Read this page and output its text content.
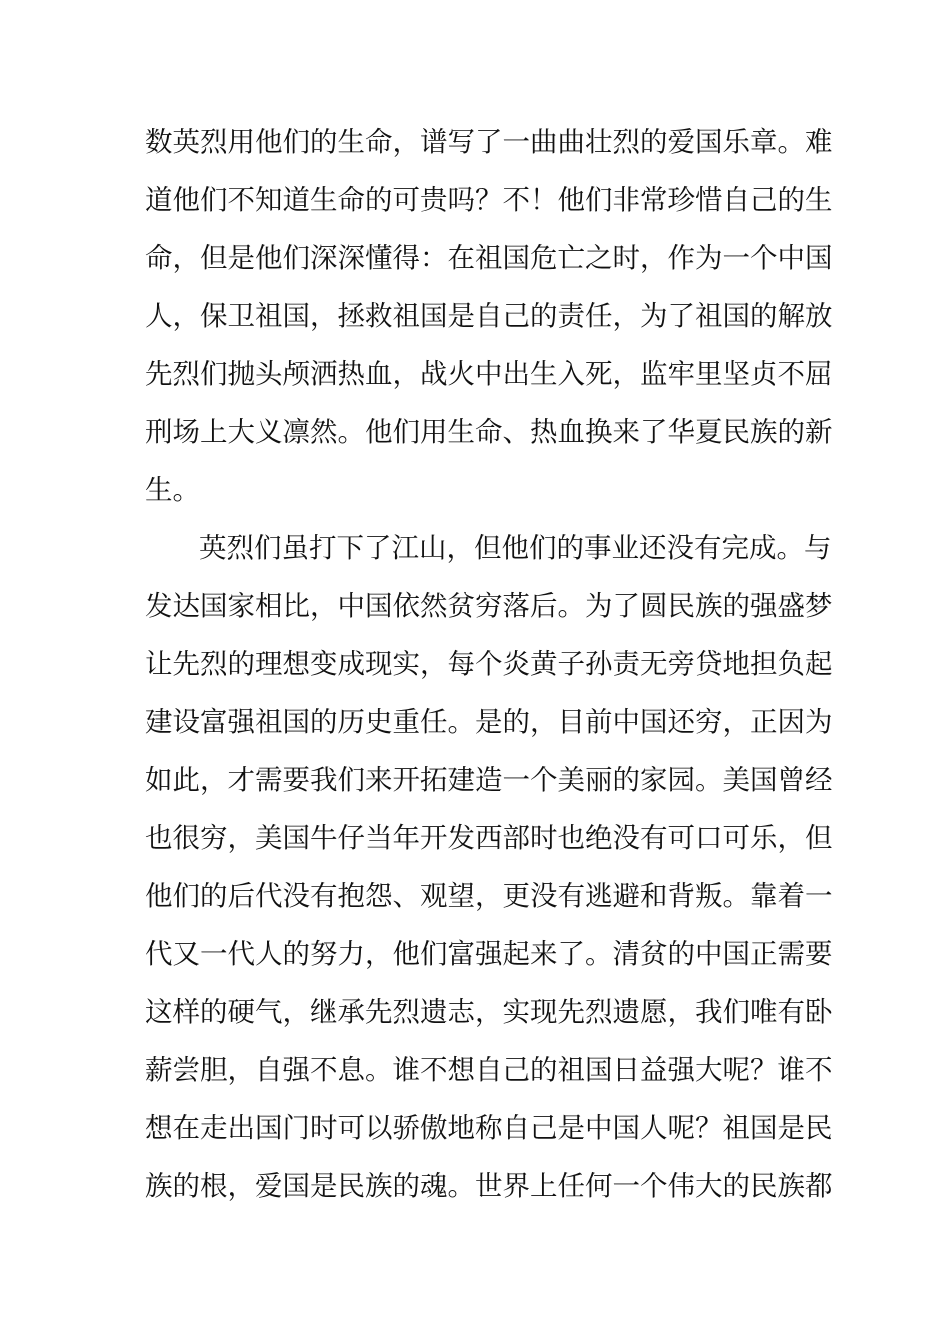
数英烈用他们的生命，谱写了一曲曲壮烈的爱国乐章。难
道他们不知道生命的可贵吗？不！他们非常珍惜自己的生
命，但是他们深深懂得：在祖国危亡之时，作为一个中国
人，保卫祖国，拯救祖国是自己的责任，为了祖国的解放
先烈们抛头颅洒热血，战火中出生入死，监牢里坚贞不屈
刑场上大义凛然。他们用生命、热血换来了华夏民族的新
生。
英烈们虽打下了江山，但他们的事业还没有完成。与
发达国家相比，中国依然贫穷落后。为了圆民族的强盛梦
让先烈的理想变成现实，每个炎黄子孙责无旁贷地担负起
建设富强祖国的历史重任。是的，目前中国还穷，正因为
如此，才需要我们来开拓建造一个美丽的家园。美国曾经
也很穷，美国牛仔当年开发西部时也绝没有可口可乐，但
他们的后代没有抱怨、观望，更没有逃避和背叛。靠着一
代又一代人的努力，他们富强起来了。清贫的中国正需要
这样的硬气，继承先烈遗志，实现先烈遗愿，我们唯有卧
薪尝胆，自强不息。谁不想自己的祖国日益强大呢？谁不
想在走出国门时可以骄傲地称自己是中国人呢？祖国是民
族的根，爱国是民族的魂。世界上任何一个伟大的民族都
